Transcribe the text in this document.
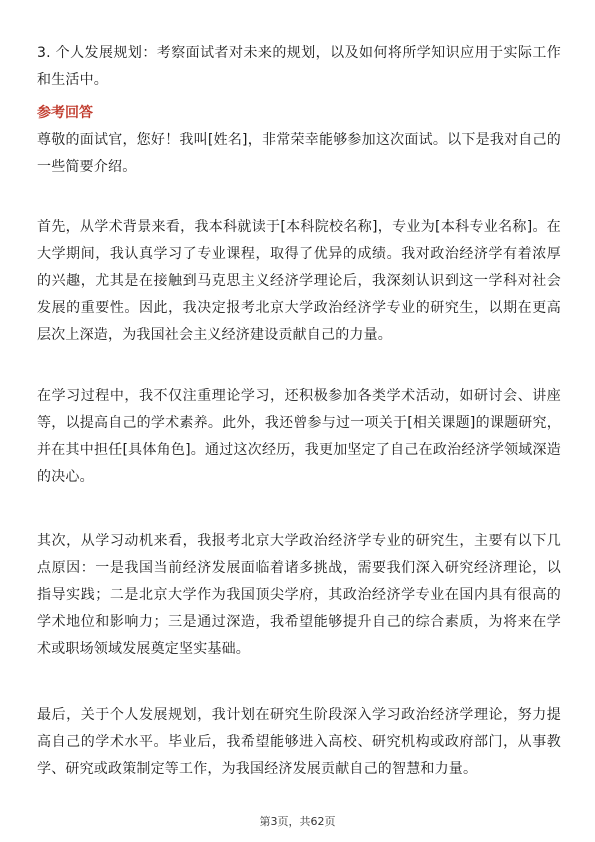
3. 个人发展规划：考察面试者对未来的规划，以及如何将所学知识应用于实际工作和生活中。

参考回答

尊敬的面试官，您好！我叫[姓名]，非常荣幸能够参加这次面试。以下是我对自己的一些简要介绍。

首先，从学术背景来看，我本科就读于[本科院校名称]，专业为[本科专业名称]。在大学期间，我认真学习了专业课程，取得了优异的成绩。我对政治经济学有着浓厚的兴趣，尤其是在接触到马克思主义经济学理论后，我深刻认识到这一学科对社会发展的重要性。因此，我决定报考北京大学政治经济学专业的研究生，以期在更高层次上深造，为我国社会主义经济建设贡献自己的力量。

在学习过程中，我不仅注重理论学习，还积极参加各类学术活动，如研讨会、讲座等，以提高自己的学术素养。此外，我还曾参与过一项关于[相关课题]的课题研究，并在其中担任[具体角色]。通过这次经历，我更加坚定了自己在政治经济学领域深造的决心。

其次，从学习动机来看，我报考北京大学政治经济学专业的研究生，主要有以下几点原因：一是我国当前经济发展面临着诸多挑战，需要我们深入研究经济理论，以指导实践；二是北京大学作为我国顶尖学府，其政治经济学专业在国内具有很高的学术地位和影响力；三是通过深造，我希望能够提升自己的综合素质，为将来在学术或职场领域发展奠定坚实基础。

最后，关于个人发展规划，我计划在研究生阶段深入学习政治经济学理论，努力提高自己的学术水平。毕业后，我希望能够进入高校、研究机构或政府部门，从事教学、研究或政策制定等工作，为我国经济发展贡献自己的智慧和力量。

第3页，共62页
